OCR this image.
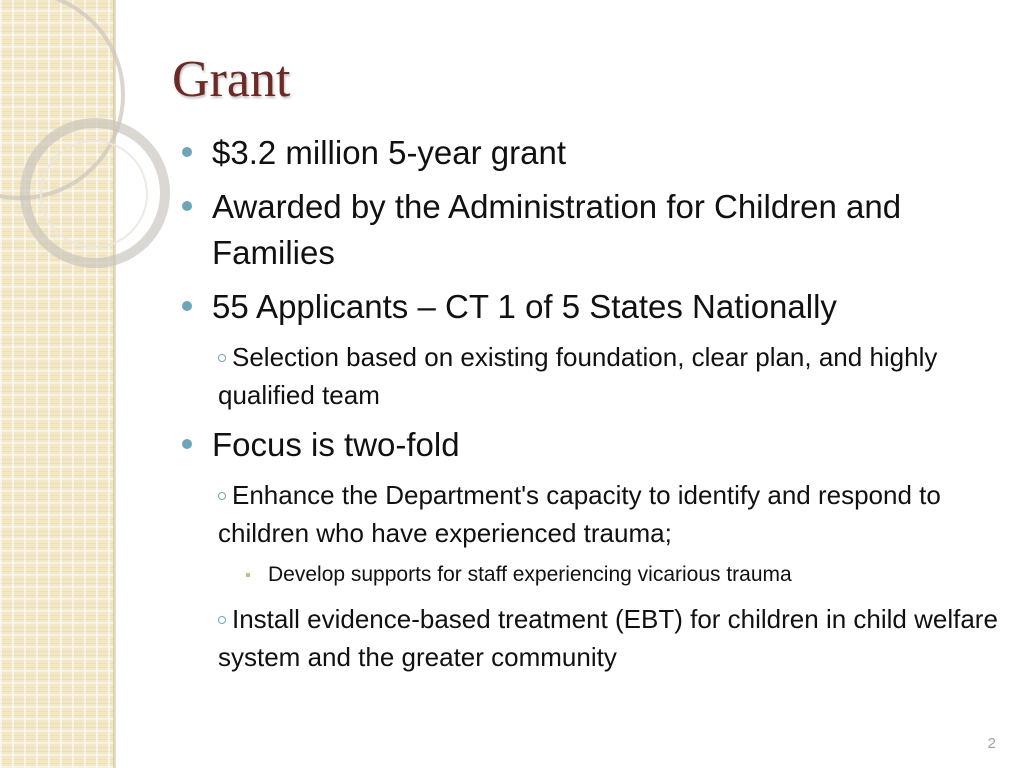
Grant
$3.2 million 5-year grant
Awarded by the Administration for Children and Families
55 Applicants – CT 1 of 5 States Nationally
Selection based on existing foundation, clear plan, and highly qualified team
Focus is two-fold
Enhance the Department's capacity to identify and respond to children who have experienced trauma;
Develop supports for staff experiencing vicarious trauma
Install evidence-based treatment (EBT) for children in child welfare system and the greater community
2
